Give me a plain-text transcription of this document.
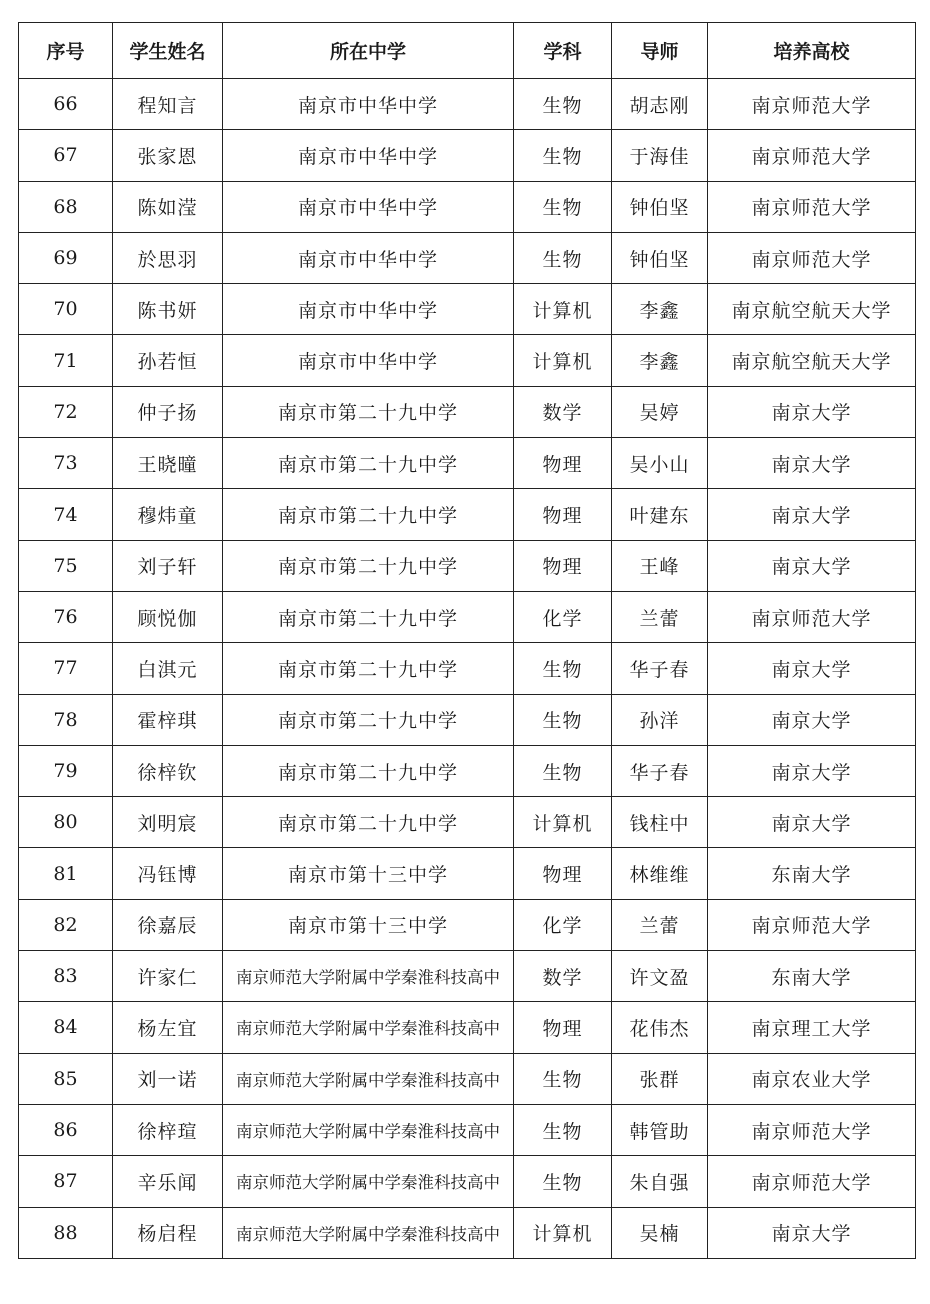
序号	学生姓名	所在中学	学科	导师	培养高校
66	程知言	南京市中华中学	生物	胡志刚	南京师范大学
67	张家恩	南京市中华中学	生物	于海佳	南京师范大学
68	陈如滢	南京市中华中学	生物	钟伯坚	南京师范大学
69	於思羽	南京市中华中学	生物	钟伯坚	南京师范大学
70	陈书妍	南京市中华中学	计算机	李鑫	南京航空航天大学
71	孙若恒	南京市中华中学	计算机	李鑫	南京航空航天大学
72	仲子扬	南京市第二十九中学	数学	吴婷	南京大学
73	王晓曈	南京市第二十九中学	物理	吴小山	南京大学
74	穆炜童	南京市第二十九中学	物理	叶建东	南京大学
75	刘子轩	南京市第二十九中学	物理	王峰	南京大学
76	顾悦伽	南京市第二十九中学	化学	兰蕾	南京师范大学
77	白淇元	南京市第二十九中学	生物	华子春	南京大学
78	霍梓琪	南京市第二十九中学	生物	孙洋	南京大学
79	徐梓钦	南京市第二十九中学	生物	华子春	南京大学
80	刘明宸	南京市第二十九中学	计算机	钱柱中	南京大学
81	冯钰博	南京市第十三中学	物理	林维维	东南大学
82	徐嘉辰	南京市第十三中学	化学	兰蕾	南京师范大学
83	许家仁	南京师范大学附属中学秦淮科技高中	数学	许文盈	东南大学
84	杨左宜	南京师范大学附属中学秦淮科技高中	物理	花伟杰	南京理工大学
85	刘一诺	南京师范大学附属中学秦淮科技高中	生物	张群	南京农业大学
86	徐梓瑄	南京师范大学附属中学秦淮科技高中	生物	韩管助	南京师范大学
87	辛乐闻	南京师范大学附属中学秦淮科技高中	生物	朱自强	南京师范大学
88	杨启程	南京师范大学附属中学秦淮科技高中	计算机	吴楠	南京大学
